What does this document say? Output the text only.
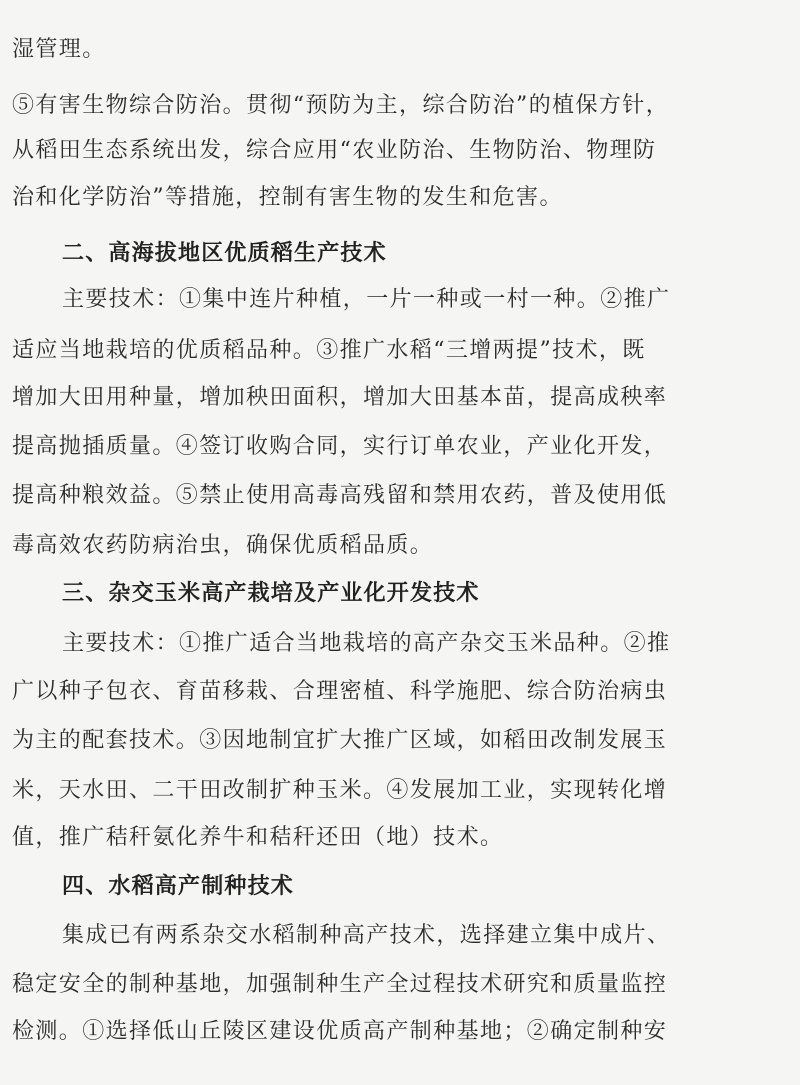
湿管理。

⑤有害生物综合防治。贯彻“预防为主，综合防治”的植保方针，

从稻田生态系统出发，综合应用“农业防治、生物防治、物理防

治和化学防治”等措施，控制有害生物的发生和危害。

二、高海拔地区优质稻生产技术

主要技术：①集中连片种植，一片一种或一村一种。②推广

适应当地栽培的优质稻品种。③推广水稻“三增两提”技术，既

增加大田用种量，增加秧田面积，增加大田基本苗，提高成秧率

提高抛插质量。④签订收购合同，实行订单农业，产业化开发，

提高种粮效益。⑤禁止使用高毒高残留和禁用农药，普及使用低

毒高效农药防病治虫，确保优质稻品质。

三、杂交玉米高产栽培及产业化开发技术

主要技术：①推广适合当地栽培的高产杂交玉米品种。②推

广以种子包衣、育苗移栽、合理密植、科学施肥、综合防治病虫

为主的配套技术。③因地制宜扩大推广区域，如稻田改制发展玉

米，天水田、二干田改制扩种玉米。④发展加工业，实现转化增

值，推广秸秆氨化养牛和秸秆还田（地）技术。

四、水稻高产制种技术

集成已有两系杂交水稻制种高产技术，选择建立集中成片、

稳定安全的制种基地，加强制种生产全过程技术研究和质量监控

检测。①选择低山丘陵区建设优质高产制种基地；②确定制种安
